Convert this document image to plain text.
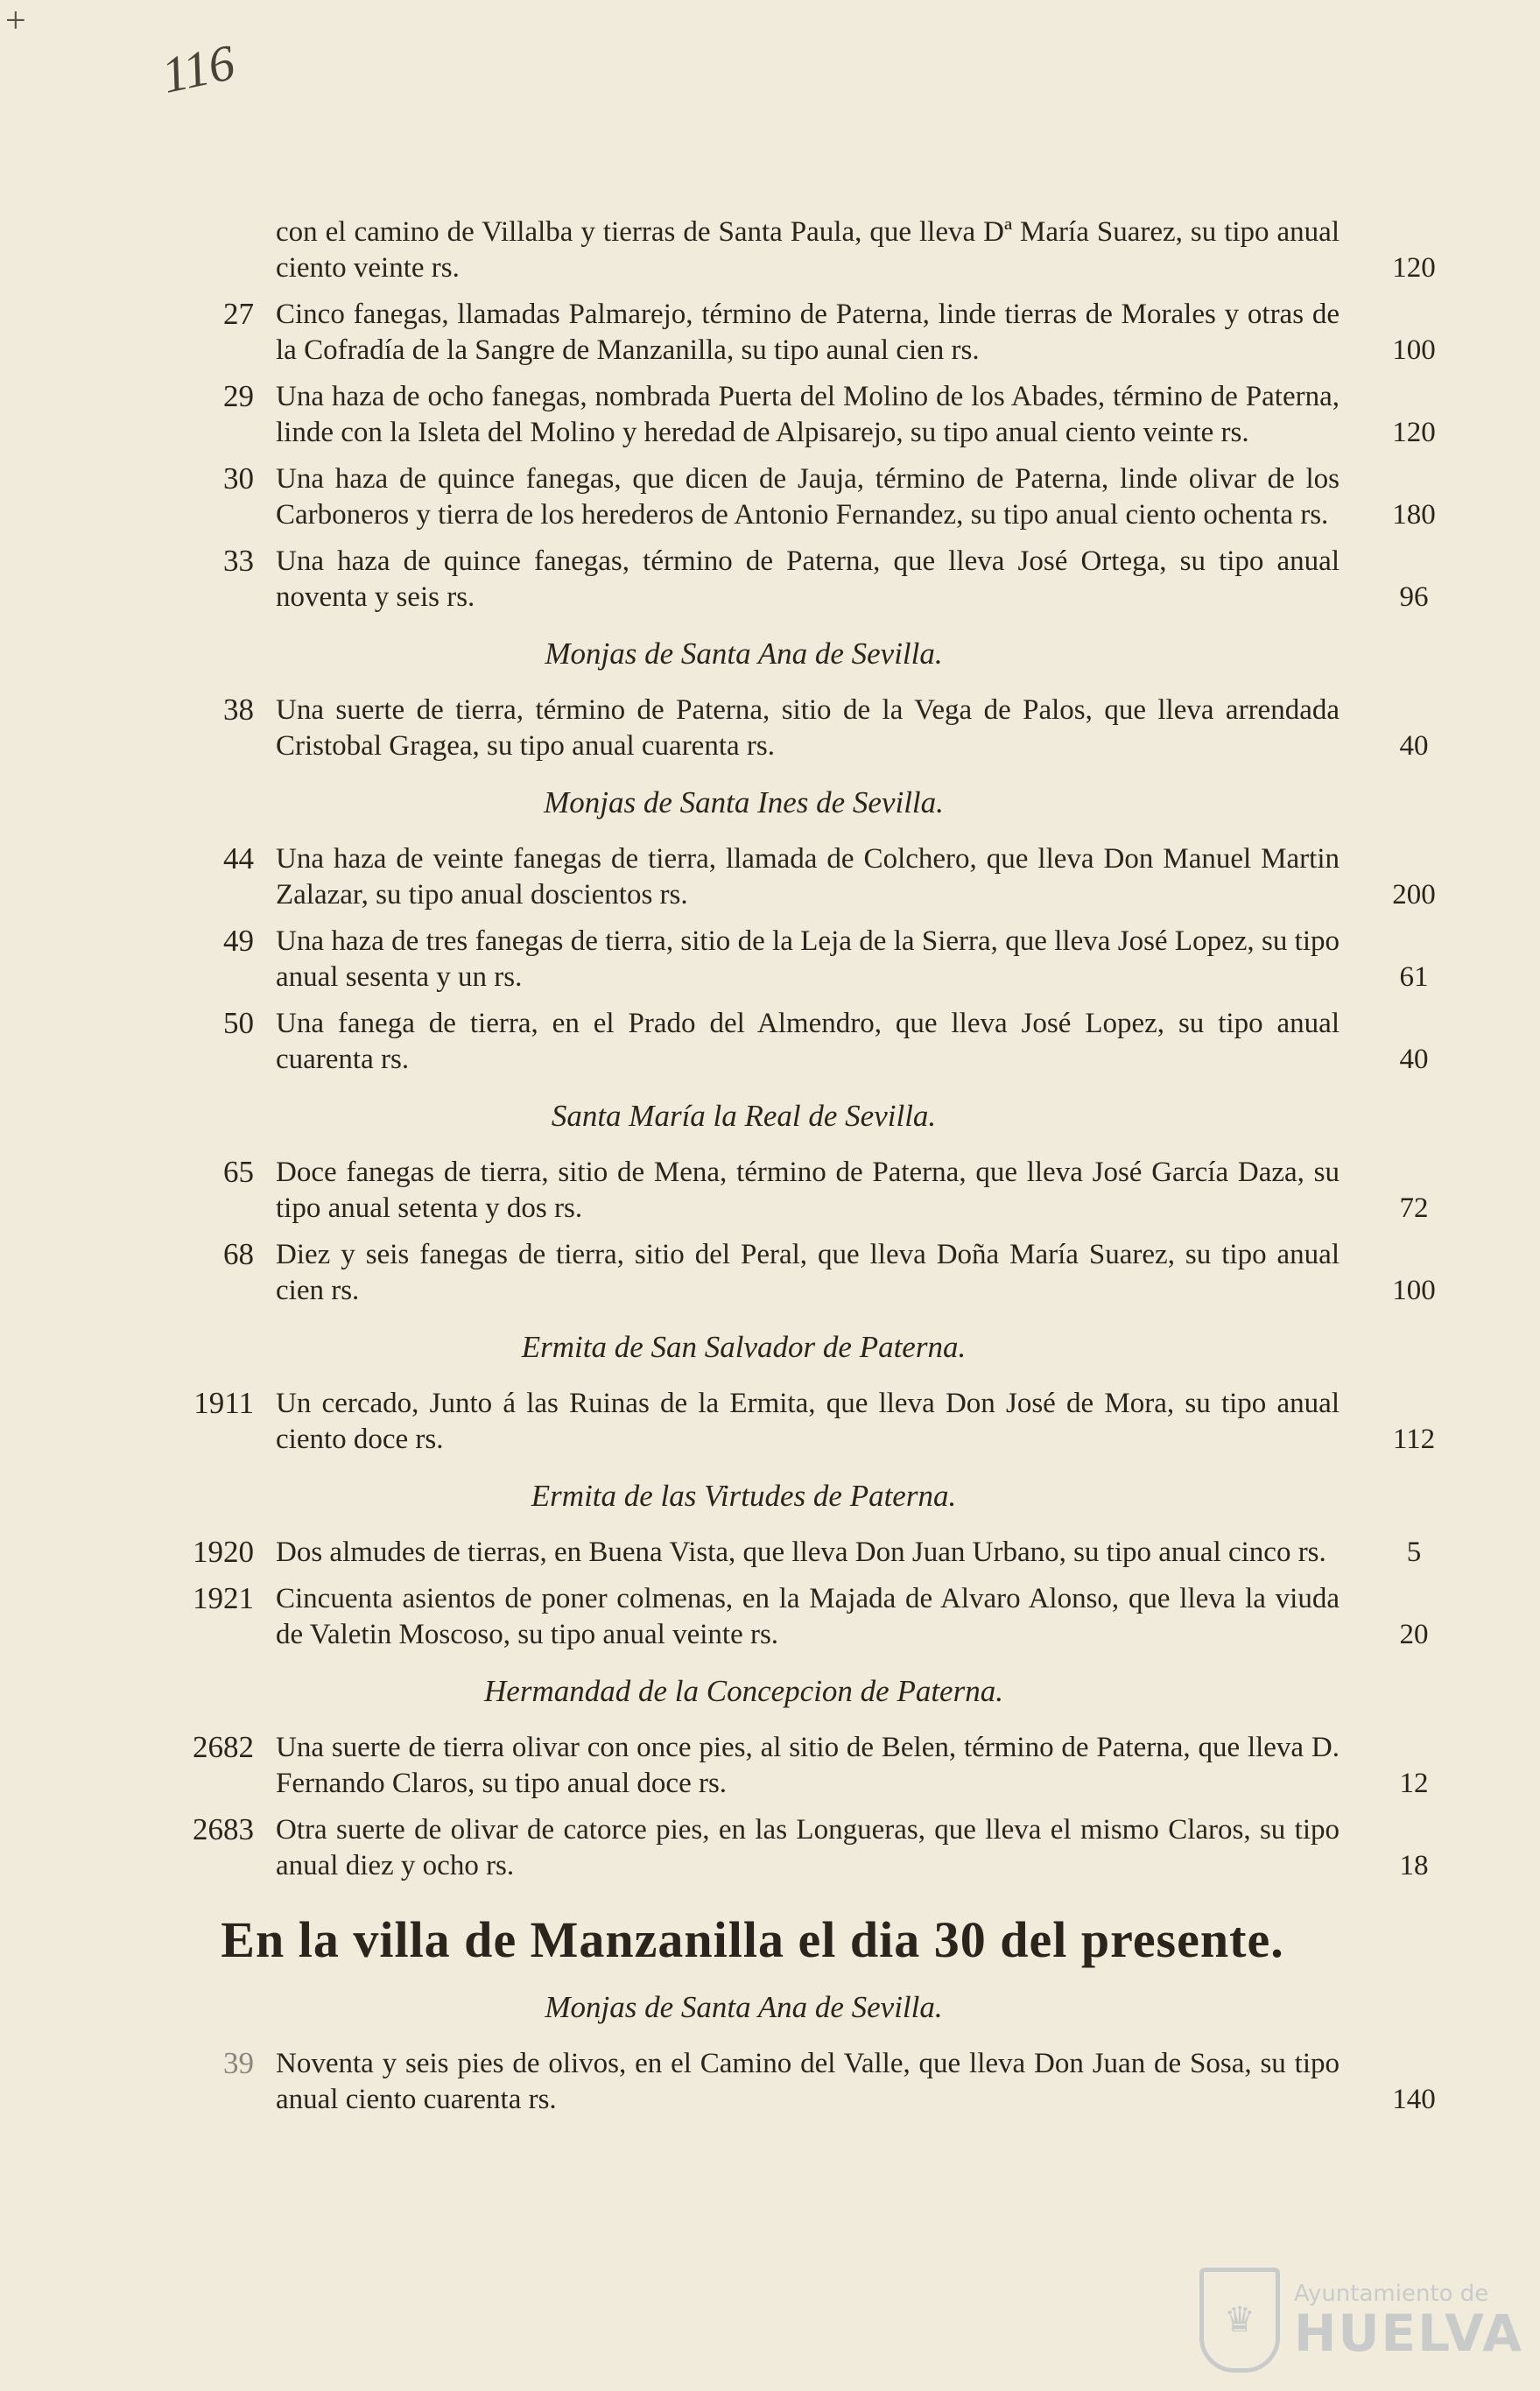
+
116
con el camino de Villalba y tierras de Santa Paula, que lleva Dª María Suarez, su tipo anual ciento veinte rs.	120
27 Cinco fanegas, llamadas Palmarejo, término de Paterna, linde tierras de Morales y otras de la Cofradía de la Sangre de Manzanilla, su tipo aunal cien rs.	100
29 Una haza de ocho fanegas, nombrada Puerta del Molino de los Abades, término de Paterna, linde con la Isleta del Molino y heredad de Alpisarejo, su tipo anual ciento veinte rs.	120
30 Una haza de quince fanegas, que dicen de Jauja, término de Paterna, linde olivar de los Carboneros y tierra de los herederos de Antonio Fernandez, su tipo anual ciento ochenta rs.	180
33 Una haza de quince fanegas, término de Paterna, que lleva José Ortega, su tipo anual noventa y seis rs.	96
Monjas de Santa Ana de Sevilla.
38 Una suerte de tierra, término de Paterna, sitio de la Vega de Palos, que lleva arrendada Cristobal Gragea, su tipo anual cuarenta rs.	40
Monjas de Santa Ines de Sevilla.
44 Una haza de veinte fanegas de tierra, llamada de Colchero, que lleva Don Manuel Martin Zalazar, su tipo anual doscientos rs.	200
49 Una haza de tres fanegas de tierra, sitio de la Leja de la Sierra, que lleva José Lopez, su tipo anual sesenta y un rs.	61
50 Una fanega de tierra, en el Prado del Almendro, que lleva José Lopez, su tipo anual cuarenta rs.	40
Santa María la Real de Sevilla.
65 Doce fanegas de tierra, sitio de Mena, término de Paterna, que lleva José García Daza, su tipo anual setenta y dos rs.	72
68 Diez y seis fanegas de tierra, sitio del Peral, que lleva Doña María Suarez, su tipo anual cien rs.	100
Ermita de San Salvador de Paterna.
1911 Un cercado, Junto á las Ruinas de la Ermita, que lleva Don José de Mora, su tipo anual ciento doce rs.	112
Ermita de las Virtudes de Paterna.
1920 Dos almudes de tierras, en Buena Vista, que lleva Don Juan Urbano, su tipo anual cinco rs.	5
1921 Cincuenta asientos de poner colmenas, en la Majada de Alvaro Alonso, que lleva la viuda de Valetin Moscoso, su tipo anual veinte rs.	20
Hermandad de la Concepcion de Paterna.
2682 Una suerte de tierra olivar con once pies, al sitio de Belen, término de Paterna, que lleva D. Fernando Claros, su tipo anual doce rs.	12
2683 Otra suerte de olivar de catorce pies, en las Longueras, que lleva el mismo Claros, su tipo anual diez y ocho rs.	18
En la villa de Manzanilla el dia 30 del presente.
Monjas de Santa Ana de Sevilla.
39 Noventa y seis pies de olivos, en el Camino del Valle, que lleva Don Juan de Sosa, su tipo anual ciento cuarenta rs.	140
♛
Ayuntamiento de
HUELVA
